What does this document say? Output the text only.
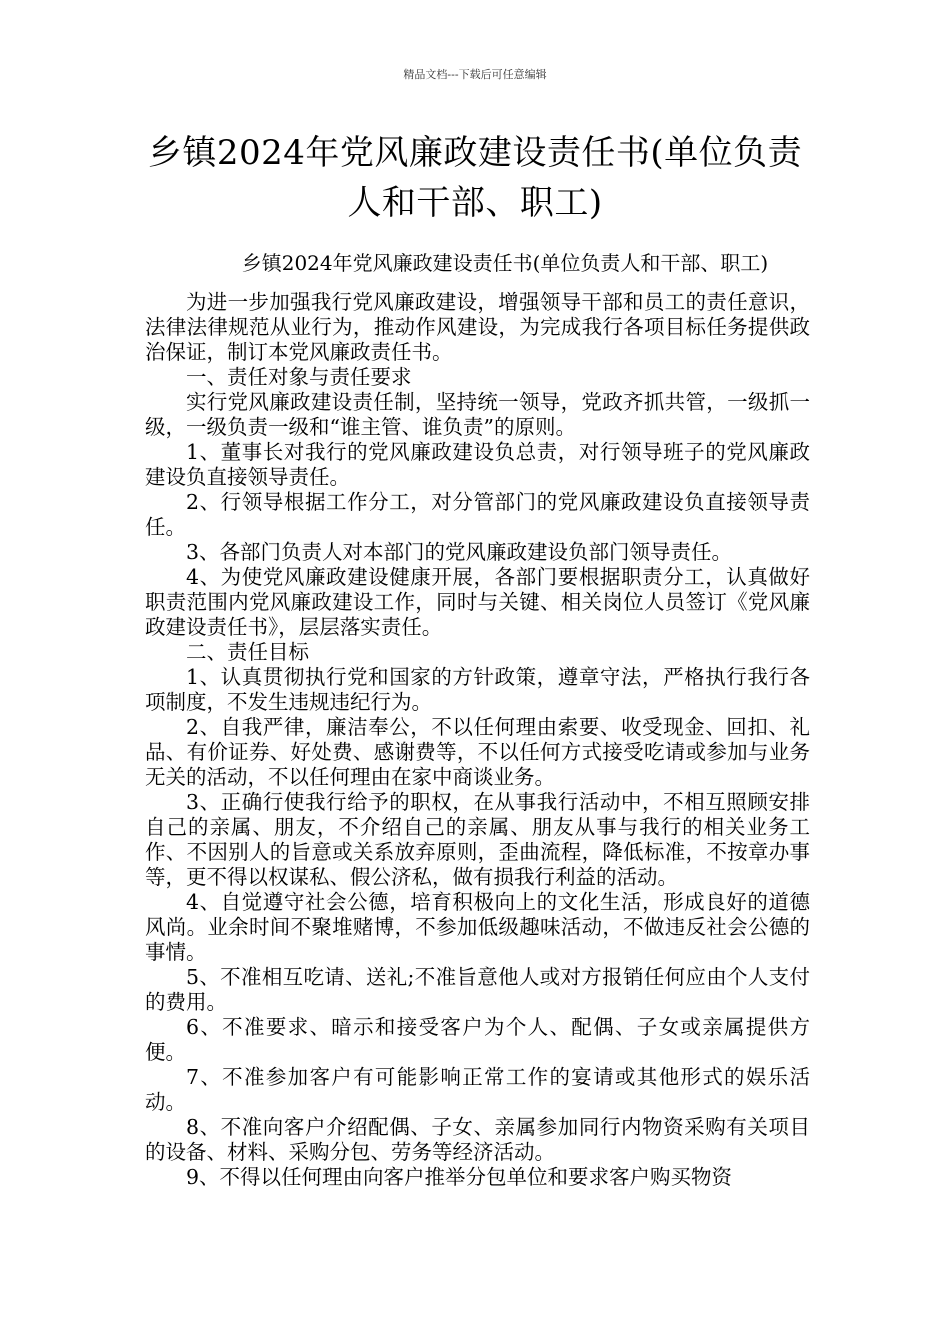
精品文档---下载后可任意编辑
乡镇2024年党风廉政建设责任书(单位负责人和干部、职工)
乡镇2024年党风廉政建设责任书(单位负责人和干部、职工)

为进一步加强我行党风廉政建设，增强领导干部和员工的责任意识，法律法律规范从业行为，推动作风建设，为完成我行各项目标任务提供政治保证，制订本党风廉政责任书。

一、责任对象与责任要求

实行党风廉政建设责任制，坚持统一领导，党政齐抓共管，一级抓一级，一级负责一级和“谁主管、谁负责”的原则。

1、董事长对我行的党风廉政建设负总责，对行领导班子的党风廉政建设负直接领导责任。

2、行领导根据工作分工，对分管部门的党风廉政建设负直接领导责任。

3、各部门负责人对本部门的党风廉政建设负部门领导责任。

4、为使党风廉政建设健康开展，各部门要根据职责分工，认真做好职责范围内党风廉政建设工作，同时与关键、相关岗位人员签订《党风廉政建设责任书》，层层落实责任。

二、责任目标

1、认真贯彻执行党和国家的方针政策，遵章守法，严格执行我行各项制度，不发生违规违纪行为。

2、自我严律，廉洁奉公，不以任何理由索要、收受现金、回扣、礼品、有价证券、好处费、感谢费等，不以任何方式接受吃请或参加与业务无关的活动，不以任何理由在家中商谈业务。

3、正确行使我行给予的职权，在从事我行活动中，不相互照顾安排自己的亲属、朋友，不介绍自己的亲属、朋友从事与我行的相关业务工作、不因别人的旨意或关系放弃原则，歪曲流程，降低标准，不按章办事等，更不得以权谋私、假公济私，做有损我行利益的活动。

4、自觉遵守社会公德，培育积极向上的文化生活，形成良好的道德风尚。业余时间不聚堆赌博，不参加低级趣味活动，不做违反社会公德的事情。

5、不准相互吃请、送礼;不准旨意他人或对方报销任何应由个人支付的费用。

6、不准要求、暗示和接受客户为个人、配偶、子女或亲属提供方便。

7、不准参加客户有可能影响正常工作的宴请或其他形式的娱乐活动。

8、不准向客户介绍配偶、子女、亲属参加同行内物资采购有关项目的设备、材料、采购分包、劳务等经济活动。

9、不得以任何理由向客户推举分包单位和要求客户购买物资
